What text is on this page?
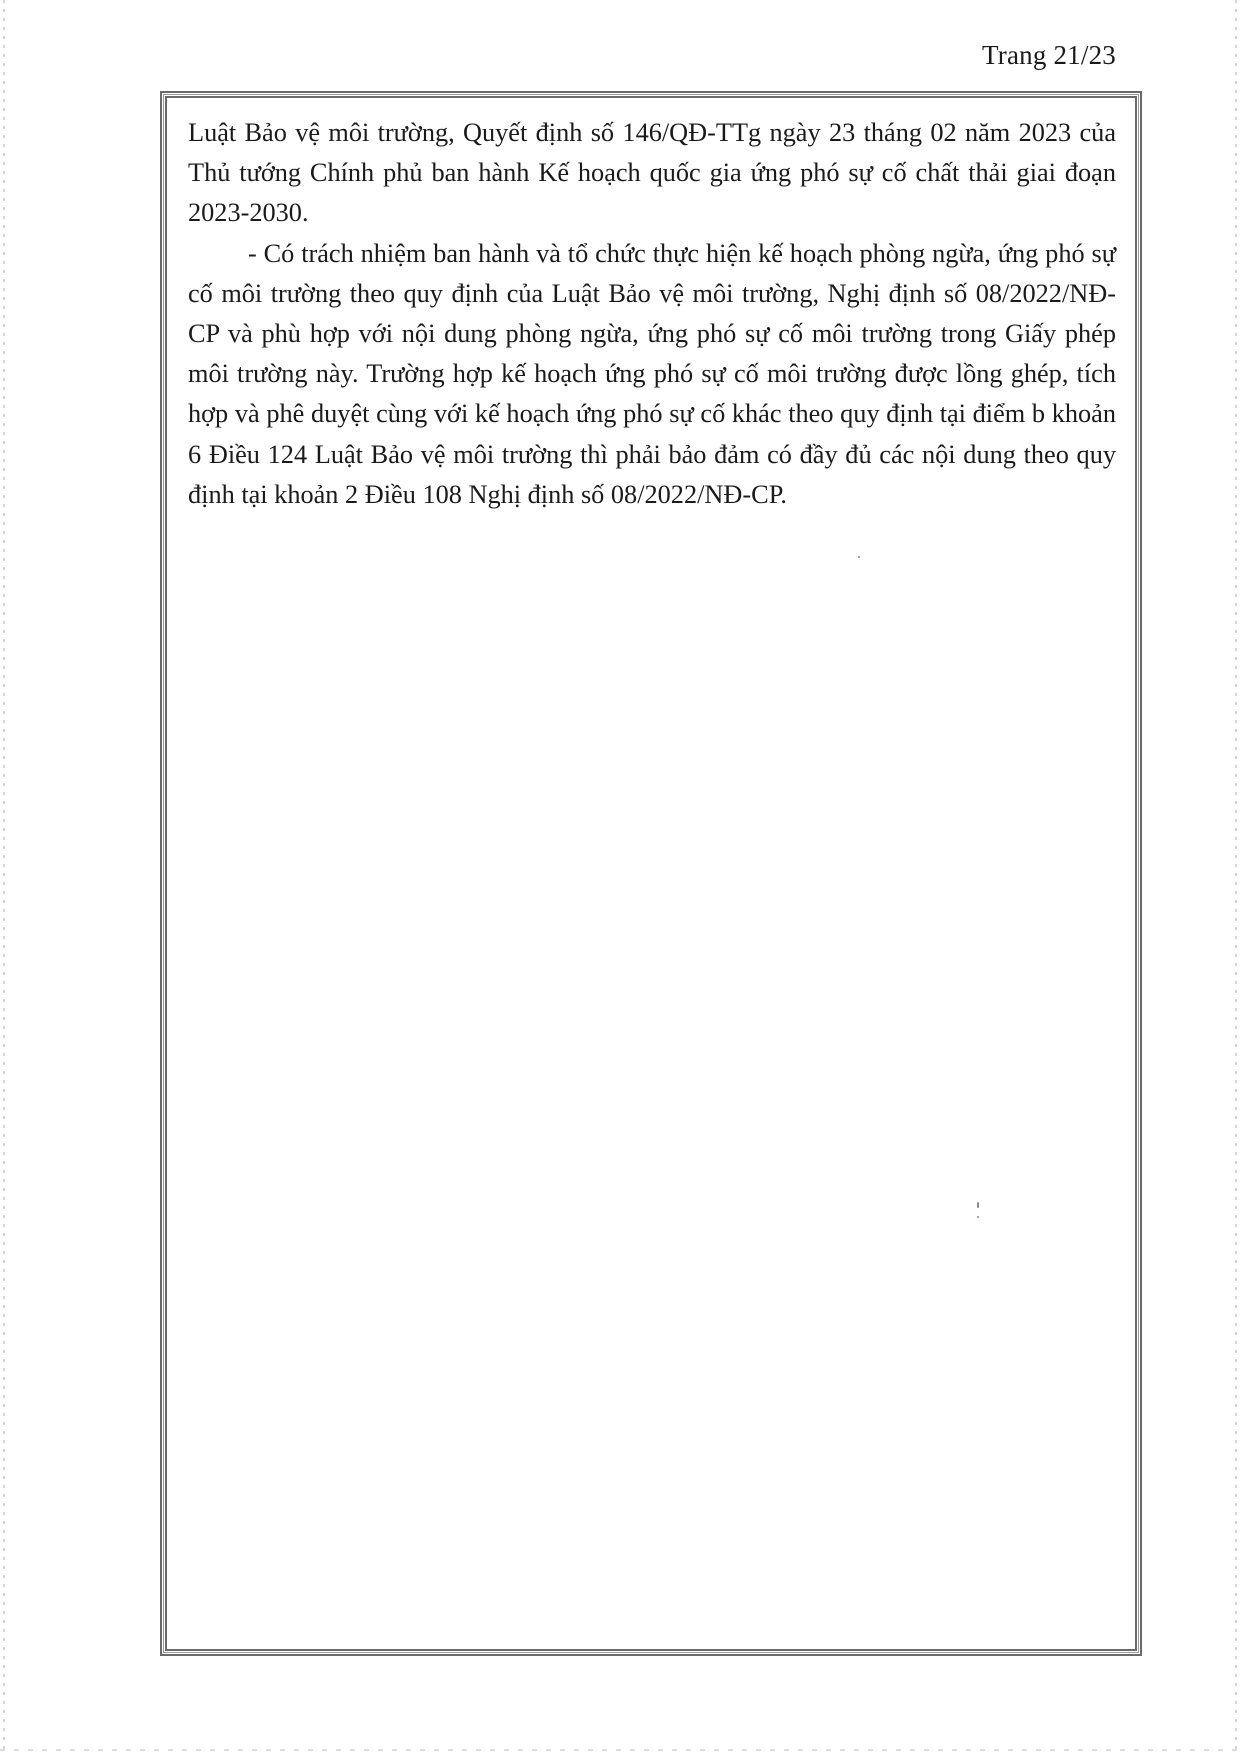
Trang 21/23

Luật Bảo vệ môi trường, Quyết định số 146/QĐ-TTg ngày 23 tháng 02 năm 2023 của Thủ tướng Chính phủ ban hành Kế hoạch quốc gia ứng phó sự cố chất thải giai đoạn 2023-2030.

- Có trách nhiệm ban hành và tổ chức thực hiện kế hoạch phòng ngừa, ứng phó sự cố môi trường theo quy định của Luật Bảo vệ môi trường, Nghị định số 08/2022/NĐ-CP và phù hợp với nội dung phòng ngừa, ứng phó sự cố môi trường trong Giấy phép môi trường này. Trường hợp kế hoạch ứng phó sự cố môi trường được lồng ghép, tích hợp và phê duyệt cùng với kế hoạch ứng phó sự cố khác theo quy định tại điểm b khoản 6 Điều 124 Luật Bảo vệ môi trường thì phải bảo đảm có đầy đủ các nội dung theo quy định tại khoản 2 Điều 108 Nghị định số 08/2022/NĐ-CP.
